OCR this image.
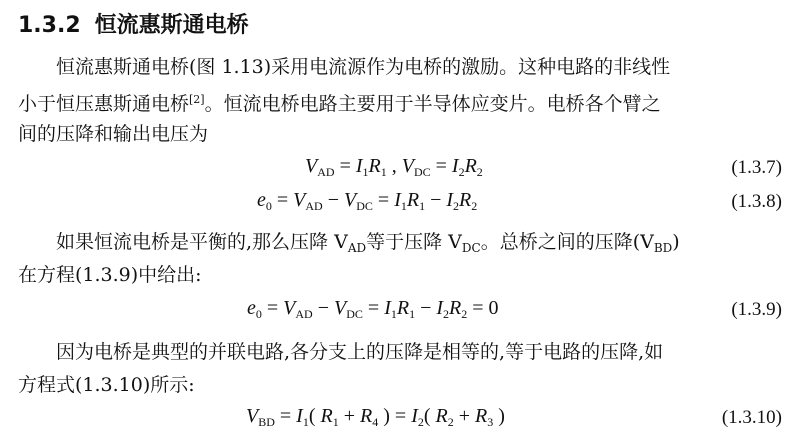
1.3.2 恒流惠斯通电桥
恒流惠斯通电桥(图 1.13)采用电流源作为电桥的激励。这种电路的非线性
小于恒压惠斯通电桥[2]。恒流电桥电路主要用于半导体应变片。电桥各个臂之
间的压降和输出电压为
$V_{AD} = I_1R_1$ , $V_{DC} = I_2R_2$	(1.3.7)
$e_0 = V_{AD} - V_{DC} = I_1R_1 - I_2R_2$	(1.3.8)
如果恒流电桥是平衡的,那么压降 $V_{AD}$等于压降 $V_{DC}$。总桥之间的压降$(V_{BD})$
在方程(1.3.9)中给出:
$e_0 = V_{AD} - V_{DC} = I_1R_1 - I_2R_2 = 0$	(1.3.9)
因为电桥是典型的并联电路,各分支上的压降是相等的,等于电路的压降,如
方程式(1.3.10)所示:
$V_{BD} = I_1$( $R_1 + R_4$ ) = $I_2$( $R_2 + R_3$ )	(1.3.10)
